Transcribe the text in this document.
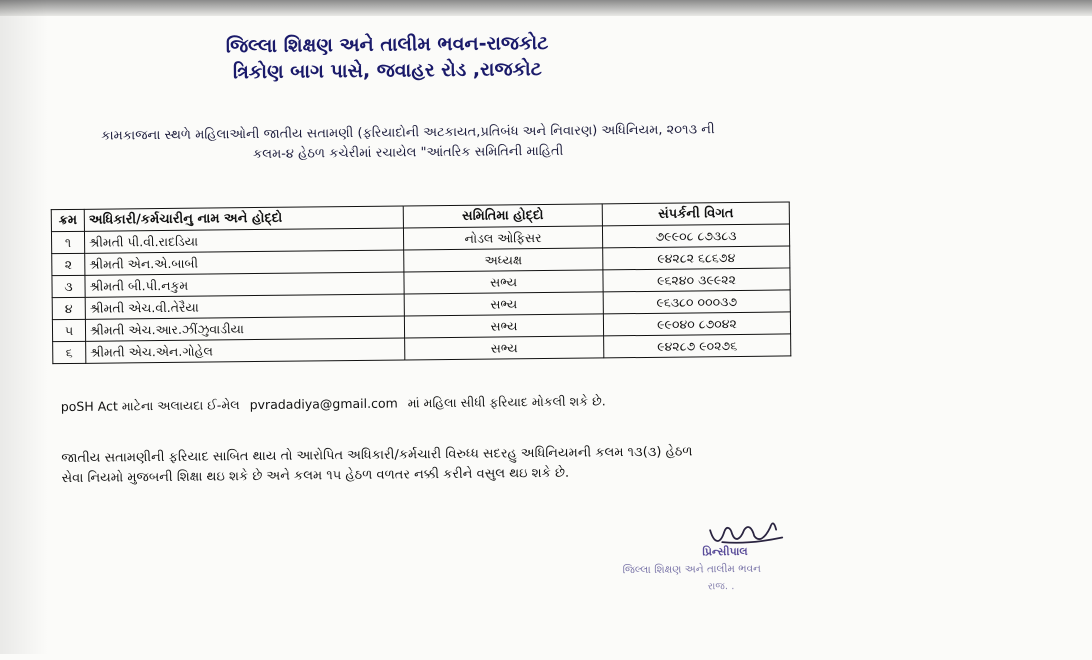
જિલ્લા શિક્ષણ અને તાલીમ ભવન-રાજકોટ
ત્રિકોણ બાગ પાસે, જવાહર રોડ ,રાજકોટ
કામકાજના સ્થળે મહિલાઓની જાતીય સતામણી (ફરિયાદોની અટકાયત,પ્રતિબંધ અને નિવારણ) અધિનિયમ, ૨૦૧૩ ની
કલમ-૪ હેઠળ કચેરીમાં રચાયેલ "આંતરિક સમિતિની માહિતી
ક્રમ	અધિકારી/કર્મચારીનુ નામ અને હોદ્દો	સમિતિમા હોદ્દો	સંપર્કની વિગત
૧	શ્રીમતી પી.વી.રાદડિયા	નોડલ ઓફિસર	૭૯૯૦૮ ૮૭૩૮૩
૨	શ્રીમતી એન.એ.બાબી	અધ્યક્ષ	૯૪૨૮૨ ૬૮૬૭૪
૩	શ્રીમતી બી.પી.નકુમ	સભ્ય	૯૬૨૪૦ ૩૯૯૨૨
૪	શ્રીમતી એચ.વી.તેરૈયા	સભ્ય	૯૬૩૮૦ ૦૦૦૩૭
૫	શ્રીમતી એચ.આર.ઝીંઝુવાડીયા	સભ્ય	૯૯૦૪૦ ૮૭૦૪૨
૬	શ્રીમતી એચ.એન.ગોહેલ	સભ્ય	૯૪૨૮૭ ૯૦૨૭૬
poSH Act માટેના અલાયદા ઈ-મેલ pvradadiya@gmail.com માં મહિલા સીધી ફરિયાદ મોકલી શકે છે.
જાતીય સતામણીની ફરિયાદ સાબિત થાય તો આરોપિત અધિકારી/કર્મચારી વિરુધ્ધ સદરહુ અધિનિયમની કલમ ૧૩(૩) હેઠળ
સેવા નિયમો મુજબની શિક્ષા થઇ શકે છે અને કલમ ૧૫ હેઠળ વળતર નક્કી કરીને વસુલ થઇ શકે છે.
પ્રિન્સીપાલ
જિલ્લા શિક્ષણ અને તાલીમ ભવન
રાજ. .
